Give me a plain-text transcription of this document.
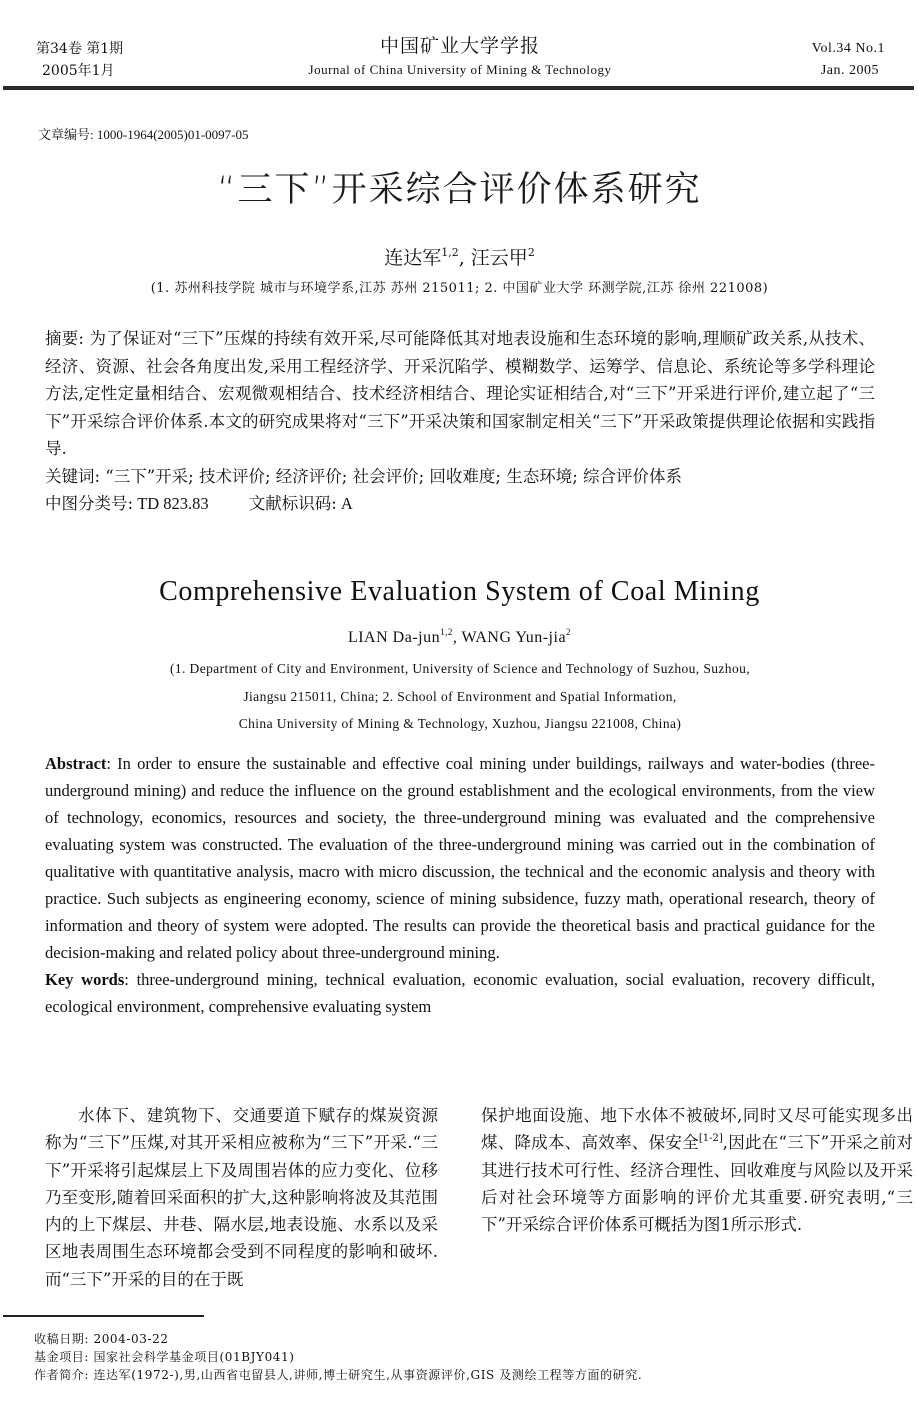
第34卷 第1期
2005年1月
中国矿业大学学报
Journal of China University of Mining & Technology
Vol.34 No.1
Jan. 2005
文章编号: 1000-1964(2005)01-0097-05
“三下”开采综合评价体系研究
连达军$^{1,2}$, 汪云甲$^2$
(1. 苏州科技学院 城市与环境学系,江苏 苏州 215011; 2. 中国矿业大学 环测学院,江苏 徐州 221008)

摘要: 为了保证对“三下”压煤的持续有效开采,尽可能降低其对地表设施和生态环境的影响,理顺矿政关系,从技术、经济、资源、社会各角度出发,采用工程经济学、开采沉陷学、模糊数学、运筹学、信息论、系统论等多学科理论方法,定性定量相结合、宏观微观相结合、技术经济相结合、理论实证相结合,对“三下”开采进行评价,建立起了“三下”开采综合评价体系.本文的研究成果将对“三下”开采决策和国家制定相关“三下”开采政策提供理论依据和实践指导.

关键词: “三下”开采; 技术评价; 经济评价; 社会评价; 回收难度; 生态环境; 综合评价体系

中图分类号: TD 823.83 文献标识码: A

Comprehensive Evaluation System of Coal Mining
LIAN Da-jun$^{1,2}$, WANG Yun-jia$^2$
(1. Department of City and Environment, University of Science and Technology of Suzhou, Suzhou,
Jiangsu 215011, China; 2. School of Environment and Spatial Information,
China University of Mining & Technology, Xuzhou, Jiangsu 221008, China)

Abstract: In order to ensure the sustainable and effective coal mining under buildings, railways and water-bodies (three-underground mining) and reduce the influence on the ground establishment and the ecological environments, from the view of technology, economics, resources and society, the three-underground mining was evaluated and the comprehensive evaluating system was constructed. The evaluation of the three-underground mining was carried out in the combination of qualitative with quantitative analysis, macro with micro discussion, the technical and the economic analysis and theory with practice. Such subjects as engineering economy, science of mining subsidence, fuzzy math, operational research, theory of information and theory of system were adopted. The results can provide the theoretical basis and practical guidance for the decision-making and related policy about three-underground mining.

Key words: three-underground mining, technical evaluation, economic evaluation, social evaluation, recovery difficult, ecological environment, comprehensive evaluating system

水体下、建筑物下、交通要道下赋存的煤炭资源称为“三下”压煤,对其开采相应被称为“三下”开采.“三下”开采将引起煤层上下及周围岩体的应力变化、位移乃至变形,随着回采面积的扩大,这种影响将波及其范围内的上下煤层、井巷、隔水层,地表设施、水系以及采区地表周围生态环境都会受到不同程度的影响和破坏.而“三下”开采的目的在于既

保护地面设施、地下水体不被破坏,同时又尽可能实现多出煤、降成本、高效率、保安全[1-2],因此在“三下”开采之前对其进行技术可行性、经济合理性、回收难度与风险以及开采后对社会环境等方面影响的评价尤其重要.研究表明,“三下”开采综合评价体系可概括为图1所示形式.

收稿日期: 2004-03-22
基金项目: 国家社会科学基金项目(01BJY041)
作者简介: 连达军(1972-),男,山西省屯留县人,讲师,博士研究生,从事资源评价,GIS 及测绘工程等方面的研究.
